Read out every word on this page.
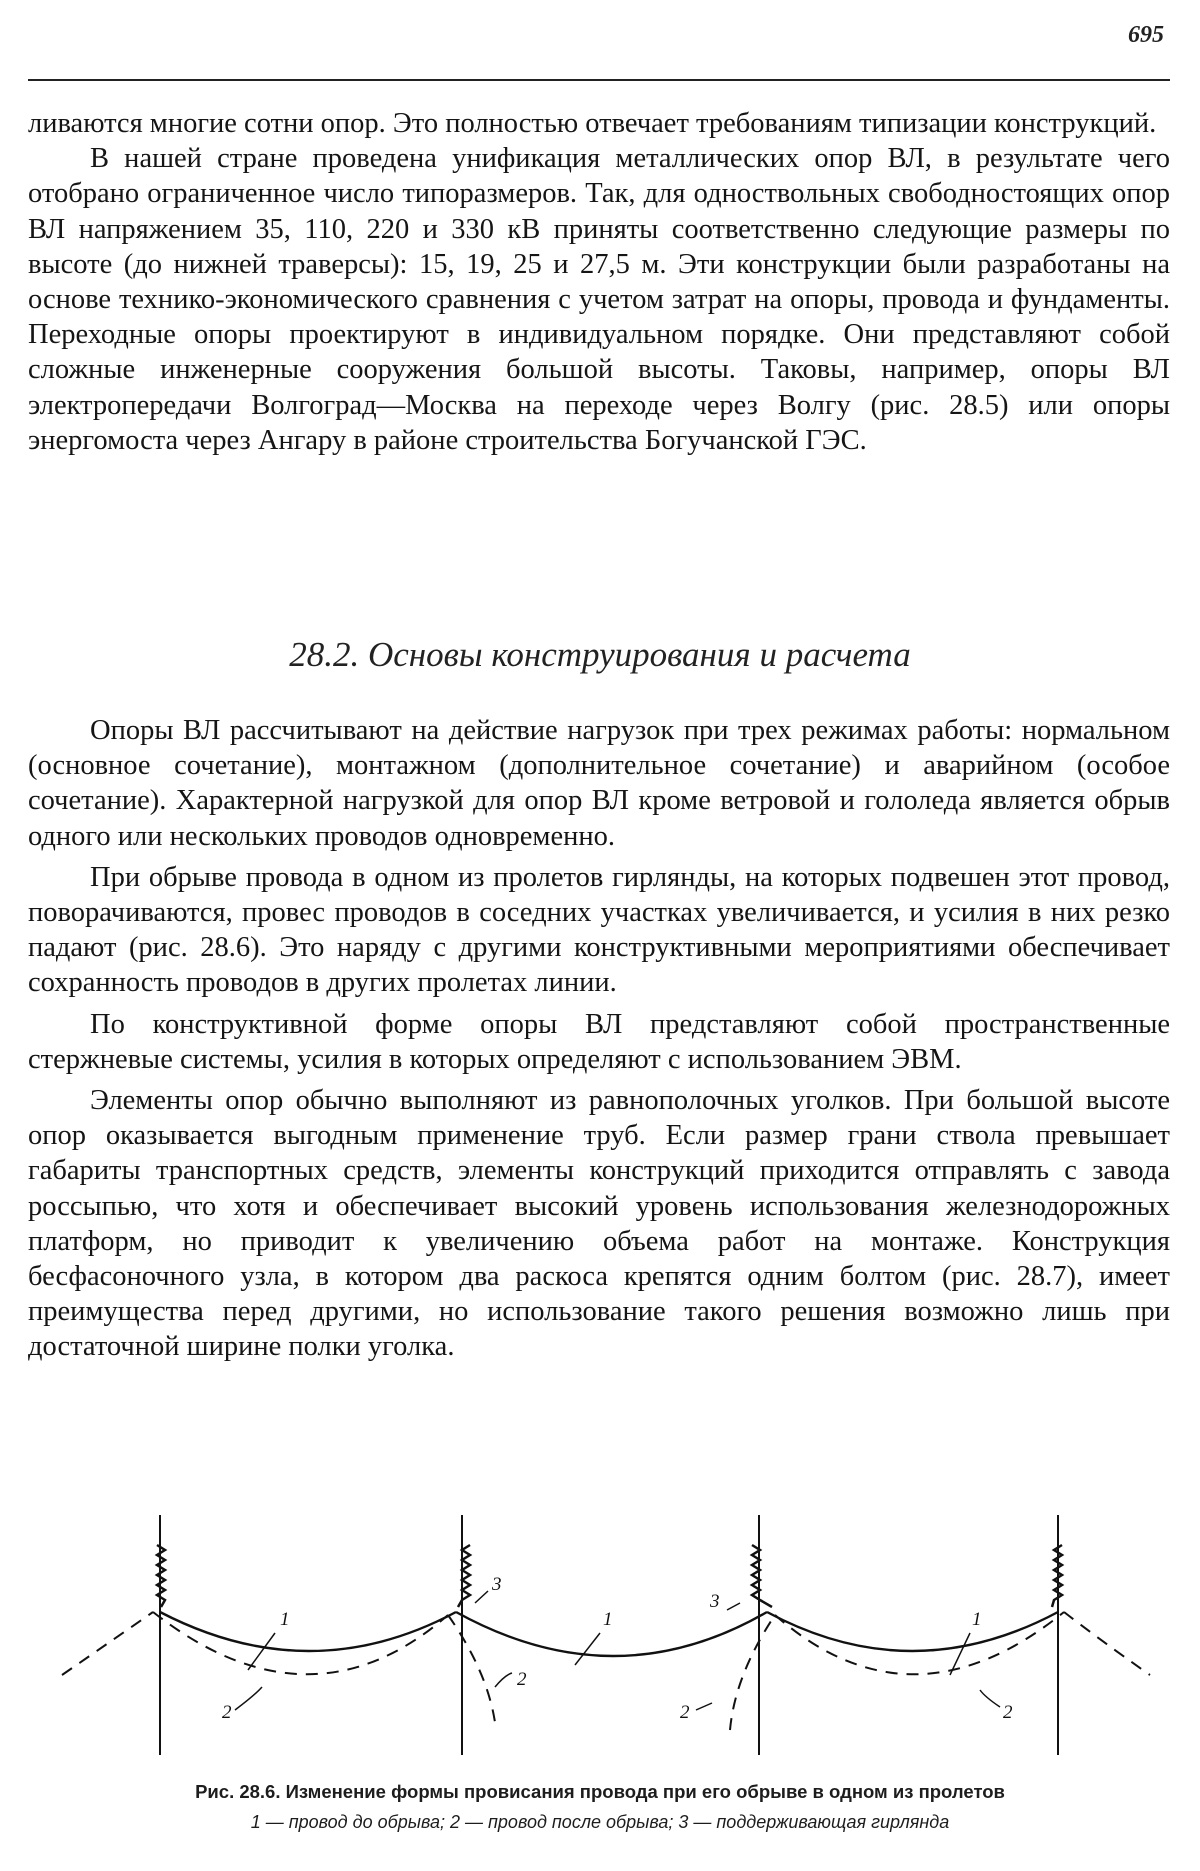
695

ливаются многие сотни опор. Это полностью отвечает требованиям типизации конструкций.

В нашей стране проведена унификация металлических опор ВЛ, в результате чего отобрано ограниченное число типоразмеров. Так, для одноствольных свободностоящих опор ВЛ напряжением 35, 110, 220 и 330 кВ приняты соответственно следующие размеры по высоте (до нижней траверсы): 15, 19, 25 и 27,5 м. Эти конструкции были разработаны на основе технико-экономического сравнения с учетом затрат на опоры, провода и фундаменты. Переходные опоры проектируют в индивидуальном порядке. Они представляют собой сложные инженерные сооружения большой высоты. Таковы, например, опоры ВЛ электропередачи Волгоград—Москва на переходе через Волгу (рис. 28.5) или опоры энергомоста через Ангару в районе строительства Богучанской ГЭС.

28.2. Основы конструирования и расчета

Опоры ВЛ рассчитывают на действие нагрузок при трех режимах работы: нормальном (основное сочетание), монтажном (дополнительное сочетание) и аварийном (особое сочетание). Характерной нагрузкой для опор ВЛ кроме ветровой и гололеда является обрыв одного или нескольких проводов одновременно.

При обрыве провода в одном из пролетов гирлянды, на которых подвешен этот провод, поворачиваются, провес проводов в соседних участках увеличивается, и усилия в них резко падают (рис. 28.6). Это наряду с другими конструктивными мероприятиями обеспечивает сохранность проводов в других пролетах линии.

По конструктивной форме опоры ВЛ представляют собой пространственные стержневые системы, усилия в которых определяют с использованием ЭВМ.

Элементы опор обычно выполняют из равнополочных уголков. При большой высоте опор оказывается выгодным применение труб. Если размер грани ствола превышает габариты транспортных средств, элементы конструкций приходится отправлять с завода россыпью, что хотя и обеспечивает высокий уровень использования железнодорожных платформ, но приводит к увеличению объема работ на монтаже. Конструкция бесфасоночного узла, в котором два раскоса крепятся одним болтом (рис. 28.7), имеет преимущества перед другими, но использование такого решения возможно лишь при достаточной ширине полки уголка.

1	1	1
2
2
2	2
3
3
Рис. 28.6. Изменение формы провисания провода при его обрыве в одном из пролетов
1 — провод до обрыва; 2 — провод после обрыва; 3 — поддерживающая гирлянда
